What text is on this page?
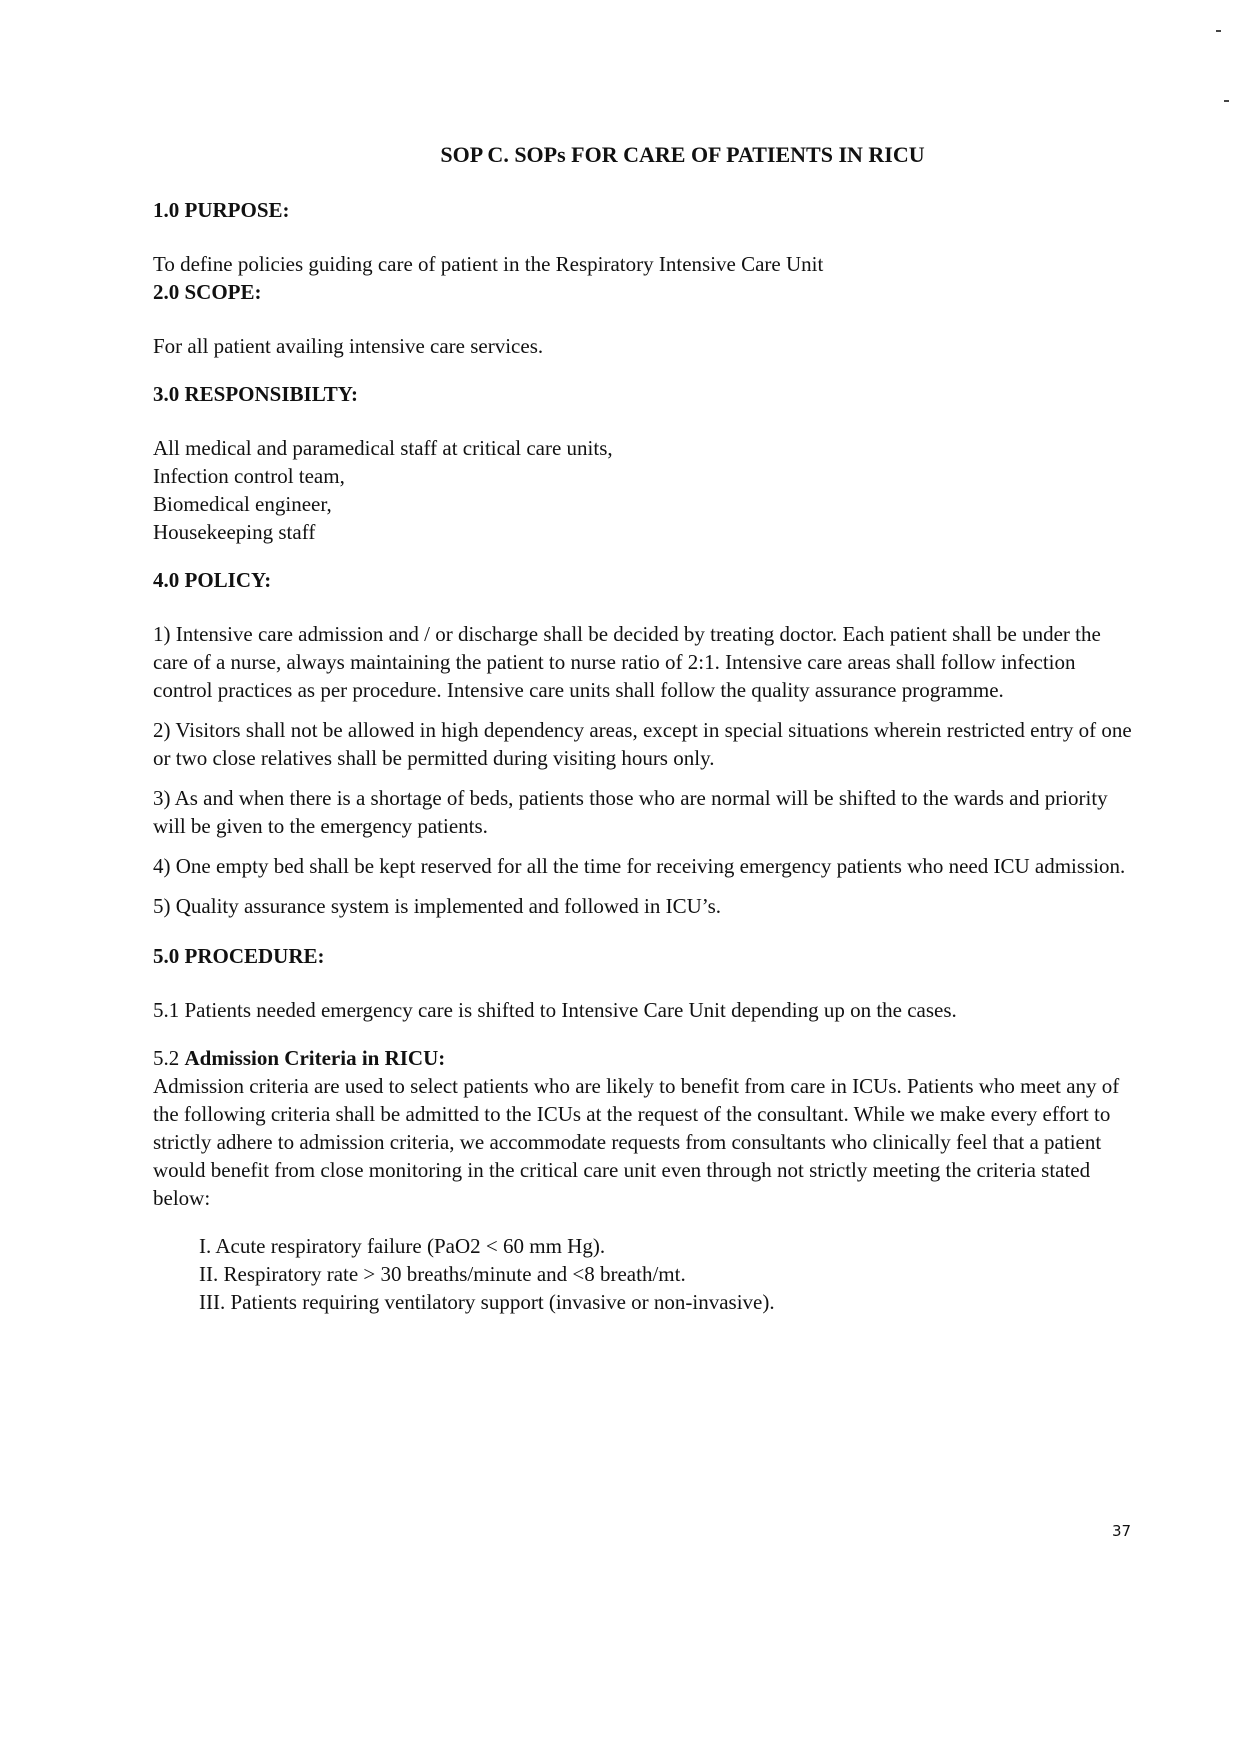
SOP C. SOPs FOR CARE OF PATIENTS IN RICU

1.0 PURPOSE:

To define policies guiding care of patient in the Respiratory Intensive Care Unit

2.0 SCOPE:

For all patient availing intensive care services.

3.0 RESPONSIBILTY:

All medical and paramedical staff at critical care units,
Infection control team,
Biomedical engineer,
Housekeeping staff

4.0 POLICY:

1) Intensive care admission and / or discharge shall be decided by treating doctor. Each patient shall be under the care of a nurse, always maintaining the patient to nurse ratio of 2:1. Intensive care areas shall follow infection control practices as per procedure. Intensive care units shall follow the quality assurance programme.

2) Visitors shall not be allowed in high dependency areas, except in special situations wherein restricted entry of one or two close relatives shall be permitted during visiting hours only.

3) As and when there is a shortage of beds, patients those who are normal will be shifted to the wards and priority will be given to the emergency patients.

4) One empty bed shall be kept reserved for all the time for receiving emergency patients who need ICU admission.

5) Quality assurance system is implemented and followed in ICU’s.

5.0 PROCEDURE:

5.1 Patients needed emergency care is shifted to Intensive Care Unit depending up on the cases.

5.2 Admission Criteria in RICU:

Admission criteria are used to select patients who are likely to benefit from care in ICUs. Patients who meet any of the following criteria shall be admitted to the ICUs at the request of the consultant. While we make every effort to strictly adhere to admission criteria, we accommodate requests from consultants who clinically feel that a patient would benefit from close monitoring in the critical care unit even through not strictly meeting the criteria stated below:

I. Acute respiratory failure (PaO2 < 60 mm Hg).
II. Respiratory rate > 30 breaths/minute and <8 breath/mt.
III. Patients requiring ventilatory support (invasive or non-invasive).
37
